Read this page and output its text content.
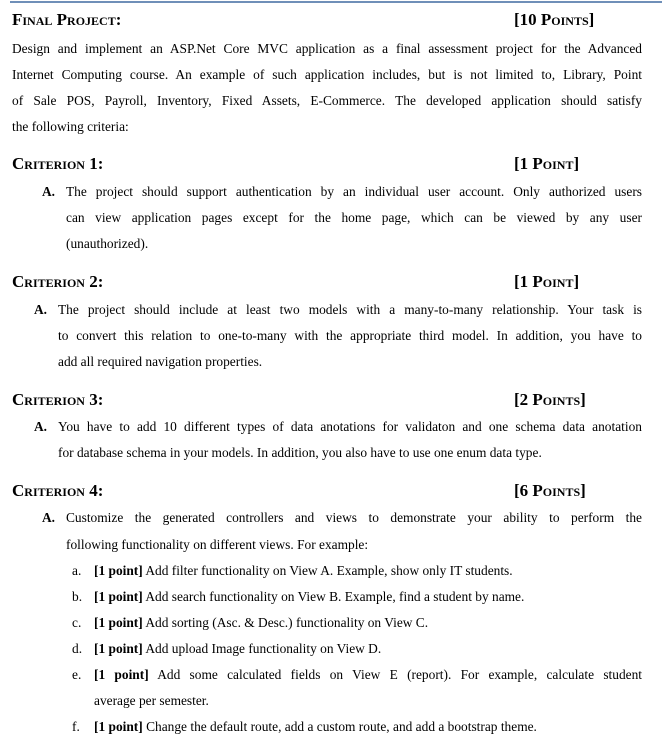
Final Project:	[10 Points]
Design and implement an ASP.Net Core MVC application as a final assessment project for the Advanced
Internet Computing course. An example of such application includes, but is not limited to, Library, Point
of Sale POS, Payroll, Inventory, Fixed Assets, E-Commerce. The developed application should satisfy
the following criteria:
Criterion 1:	[1 Point]
A. The project should support authentication by an individual user account. Only authorized users
can view application pages except for the home page, which can be viewed by any user
(unauthorized).
Criterion 2:	[1 Point]
A. The project should include at least two models with a many-to-many relationship. Your task is
to convert this relation to one-to-many with the appropriate third model. In addition, you have to
add all required navigation properties.
Criterion 3:	[2 Points]
A. You have to add 10 different types of data anotations for validaton and one schema data anotation
for database schema in your models. In addition, you also have to use one enum data type.
Criterion 4:	[6 Points]
A. Customize the generated controllers and views to demonstrate your ability to perform the
following functionality on different views. For example:
a. [1 point] Add filter functionality on View A. Example, show only IT students.
b. [1 point] Add search functionality on View B. Example, find a student by name.
c. [1 point] Add sorting (Asc. & Desc.) functionality on View C.
d. [1 point] Add upload Image functionality on View D.
e. [1 point] Add some calculated fields on View E (report). For example, calculate student
average per semester.
f. [1 point] Change the default route, add a custom route, and add a bootstrap theme.
